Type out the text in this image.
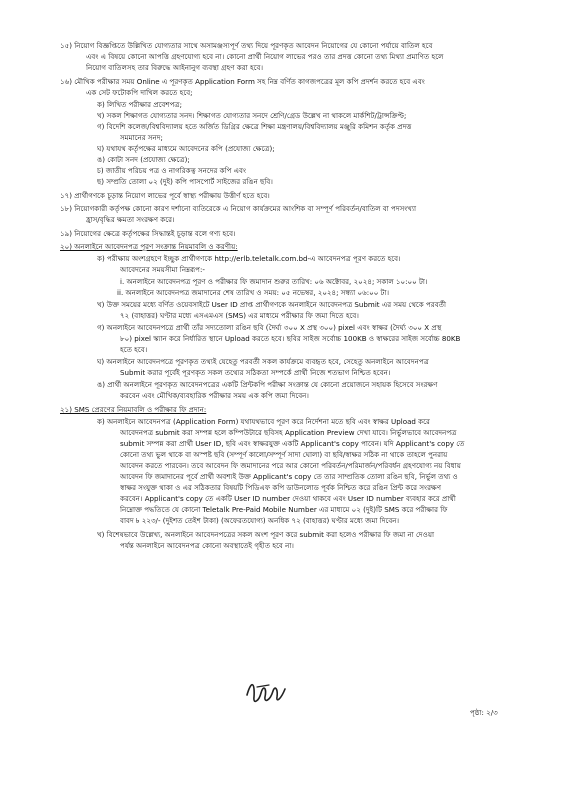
১৫) নিয়োগ বিজ্ঞপ্তিতে উল্লিখিত যোগ্যতার সাথে অসামঞ্জস্যপূর্ণ তথ্য দিয়ে পূরণকৃত আবেদন নিয়োগের যে কোনো পর্যায়ে বাতিল হবে
এবং এ বিষয়ে কোনো আপত্তি গ্রহণযোগ্য হবে না। কোনো প্রার্থী নিয়োগ লাভের পরও তার প্রদত্ত কোনো তথ্য মিথ্যা প্রমাণিত হলে
নিয়োগ বাতিলসহ তার বিরুদ্ধে আইনানুগ ব্যবস্থা গ্রহণ করা হবে।
১৬) মৌখিক পরীক্ষার সময় Online এ পূরণকৃত Application Form সহ নিম্ন বর্ণিত কাগজপত্রের মূল কপি প্রদর্শন করতে হবে এবং
এক সেট ফটোকপি দাখিল করতে হবে;
ক) লিখিত পরীক্ষার প্রবেশপত্র;
খ) সকল শিক্ষাগত যোগ্যতার সনদ। শিক্ষাগত যোগ্যতার সনদে শ্রেণি/গ্রেড উল্লেখ না থাকলে মার্কশিট/ট্রান্সক্রিপ্ট;
গ) বিদেশি কলেজ/বিশ্ববিদ্যালয় হতে অর্জিত ডিগ্রির ক্ষেত্রে শিক্ষা মন্ত্রণালয়/বিশ্ববিদ্যালয় মঞ্জুরি কমিশন কর্তৃক প্রদত্ত
সমমানের সনদ;
ঘ) যথাযথ কর্তৃপক্ষের মাধ্যমে আবেদনের কপি (প্রযোজ্য ক্ষেত্রে);
ঙ) কোটা সনদ (প্রযোজ্য ক্ষেত্রে);
চ) জাতীয় পরিচয় পত্র ও নাগরিকত্ব সনদের কপি এবং
ছ) সম্প্রতি তোলা ০২ (দুই) কপি পাসপোর্ট সাইজের রঙিন ছবি।
১৭) প্রার্থীগণকে চূড়ান্ত নিয়োগ লাভের পূর্বে স্বাস্থ্য পরীক্ষায় উত্তীর্ণ হতে হবে।
১৮) নিয়োগকারী কর্তৃপক্ষ কোনো কারণ দর্শানো ব্যতিরেকে এ নিয়োগ কার্যক্রমের আংশিক বা সম্পূর্ণ পরিবর্তন/বাতিল বা পদসংখ্যা
হ্রাস/বৃদ্ধির ক্ষমতা সংরক্ষণ করে।
১৯) নিয়োগের ক্ষেত্রে কর্তৃপক্ষের সিদ্ধান্তই চূড়ান্ত বলে গণ্য হবে।
২০) অনলাইনে আবেদনপত্র পূরণ সংক্রান্ত নিয়মাবলি ও করণীয়:
ক) পরীক্ষায় অংশগ্রহণে ইচ্ছুক প্রার্থীগণকে http://erlb.teletalk.com.bd-এ আবেদনপত্র পূরণ করতে হবে।
আবেদনের সময়সীমা নিম্নরূপ:-
i. অনলাইনে আবেদনপত্র পূরণ ও পরীক্ষার ফি জমাদান শুরুর তারিখ: ০৬ অক্টোবর, ২০২৪; সকাল ১০:০০ টা।
ii. অনলাইনে আবেদনপত্র জমাদানের শেষ তারিখ ও সময়: ০৫ নভেম্বর, ২০২৪; সন্ধ্যা ০৬:০০ টা।
খ) উক্ত সময়ের মধ্যে বর্ণিত ওয়েবসাইটে User ID প্রাপ্ত প্রার্থীগণকে অনলাইনে আবেদনপত্র Submit এর সময় থেকে পরবর্তী
৭২ (বাহাত্তর) ঘণ্টার মধ্যে এসএমএস (SMS) এর মাধ্যমে পরীক্ষার ফি জমা দিতে হবে।
গ) অনলাইনে আবেদনপত্রে প্রার্থী তাঁর সদ্যতোলা রঙিন ছবি (দৈর্ঘ্য ৩০০ X প্রস্থ ৩০০) pixel এবং স্বাক্ষর (দৈর্ঘ্য ৩০০ X প্রস্থ
৮০) pixel স্ক্যান করে নির্ধারিত স্থানে Upload করতে হবে। ছবির সাইজ সর্বোচ্চ 100KB ও স্বাক্ষরের সাইজ সর্বোচ্চ 80KB
হতে হবে।
ঘ) অনলাইনে আবেদনপত্রে পূরণকৃত তথ্যই যেহেতু পরবর্তী সকল কার্যক্রমে ব্যবহৃত হবে, সেহেতু অনলাইনে আবেদনপত্র
Submit করার পূর্বেই পূরণকৃত সকল তথ্যের সঠিকতা সম্পর্কে প্রার্থী নিজে শতভাগ নিশ্চিত হবেন।
ঙ) প্রার্থী অনলাইনে পূরণকৃত আবেদনপত্রের একটি প্রিন্টকপি পরীক্ষা সংক্রান্ত যে কোনো প্রয়োজনে সহায়ক হিসেবে সংরক্ষণ
করবেন এবং মৌখিক/ব্যবহারিক পরীক্ষার সময় এক কপি জমা দিবেন।
২১) SMS প্রেরণের নিয়মাবলি ও পরীক্ষার ফি প্রদান:
ক) অনলাইনে আবেদনপত্র (Application Form) যথাযথভাবে পূরণ করে নির্দেশনা মতে ছবি এবং স্বাক্ষর Upload করে
আবেদনপত্র submit করা সম্পন্ন হলে কম্পিউটারে ছবিসহ Application Preview দেখা যাবে। নির্ভুলভাবে আবেদনপত্র
submit সম্পন্ন করা প্রার্থী User ID, ছবি এবং স্বাক্ষরযুক্ত একটি Applicant's copy পাবেন। যদি Applicant's copy তে
কোনো তথ্য ভুল থাকে বা অস্পষ্ট ছবি (সম্পূর্ণ কালো/সম্পূর্ণ সাদা ঘোলা) বা ছবি/স্বাক্ষর সঠিক না থাকে তাহলে পুনরায়
আবেদন করতে পারবেন। তবে আবেদন ফি জমাদানের পরে আর কোনো পরিবর্তন/পরিমার্জন/পরিবর্ধন গ্রহণযোগ্য নয় বিধায়
আবেদন ফি জমাদানের পূর্বে প্রার্থী অবশ্যই উক্ত Applicant's copy তে তার সাম্প্রতিক তোলা রঙিন ছবি, নির্ভুল তথ্য ও
স্বাক্ষর সংযুক্ত থাকা ও এর সঠিকতার বিষয়টি পিডিএফ কপি ডাউনলোড পূর্বক নিশ্চিত করে রঙিন প্রিন্ট করে সংরক্ষণ
করবেন। Applicant's copy তে একটি User ID number দেওয়া থাকবে এবং User ID number ব্যবহার করে প্রার্থী
নিম্নোক্ত পদ্ধতিতে যে কোনো Teletalk Pre-Paid Mobile Number এর মাধ্যমে ০২ (দুই)টি SMS করে পরীক্ষার ফি
বাবদ ৳ ২২৩/- (দুইশত তেইশ টাকা) (অফেরতযোগ্য) অনধিক ৭২ (বাহাত্তর) ঘণ্টার মধ্যে জমা দিবেন।
খ) বিশেষভাবে উল্লেখ্য, অনলাইনে আবেদনপত্রের সকল অংশ পূরণ করে submit করা হলেও পরীক্ষার ফি জমা না দেওয়া
পর্যন্ত অনলাইনে আবেদনপত্র কোনো অবস্থাতেই গৃহীত হবে না।
পৃষ্ঠা: ২/৩
